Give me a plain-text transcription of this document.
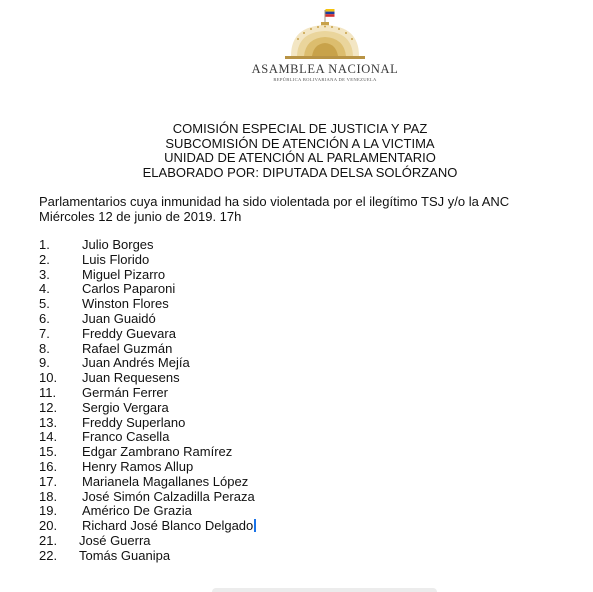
ASAMBLEA NACIONAL
REPÚBLICA BOLIVARIANA DE VENEZUELA
COMISIÓN ESPECIAL DE JUSTICIA Y PAZ
SUBCOMISIÓN DE ATENCIÓN A LA VICTIMA
UNIDAD DE ATENCIÓN AL PARLAMENTARIO
ELABORADO POR: DIPUTADA DELSA SOLÓRZANO
Parlamentarios cuya inmunidad ha sido violentada por el ilegítimo TSJ y/o la ANC
Miércoles 12 de junio de 2019. 17h
1. Julio Borges
2. Luis Florido
3. Miguel Pizarro
4. Carlos Paparoni
5. Winston Flores
6. Juan Guaidó
7. Freddy Guevara
8. Rafael Guzmán
9. Juan Andrés Mejía
10. Juan Requesens
11. Germán Ferrer
12. Sergio Vergara
13. Freddy Superlano
14. Franco Casella
15. Edgar Zambrano Ramírez
16. Henry Ramos Allup
17. Marianela Magallanes López
18. José Simón Calzadilla Peraza
19. Américo De Grazia
20. Richard José Blanco Delgado
21. José Guerra
22. Tomás Guanipa
